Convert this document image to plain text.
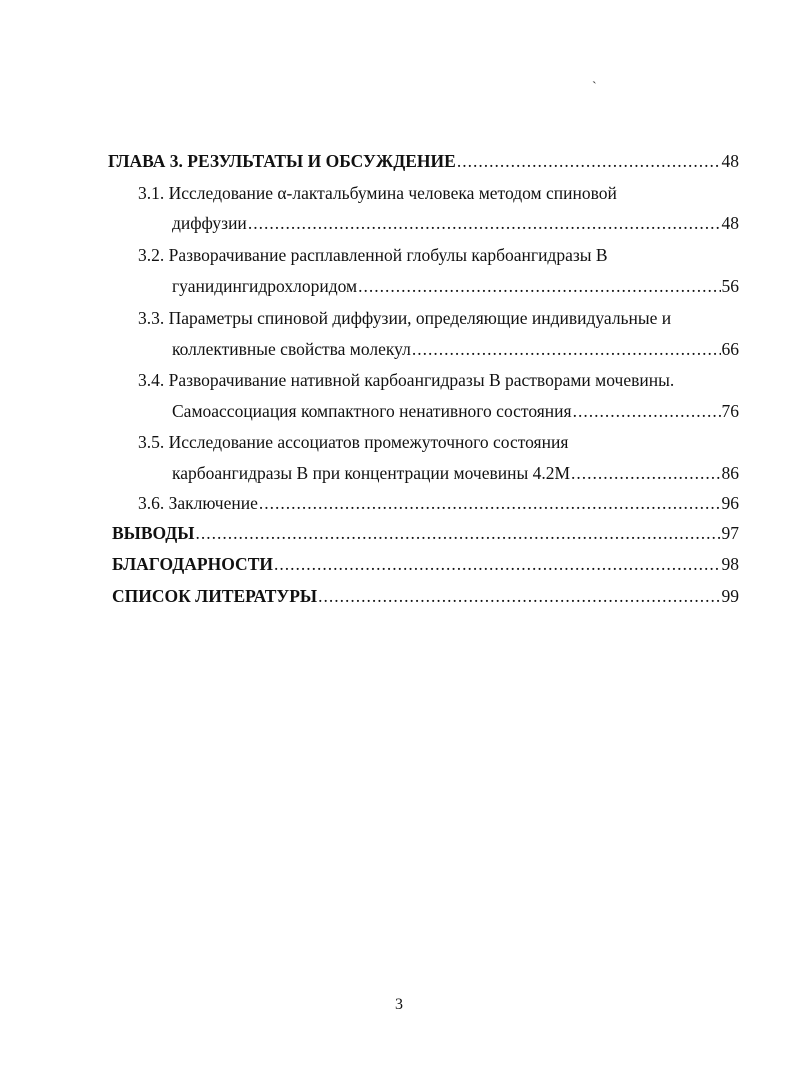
`
ГЛАВА 3. РЕЗУЛЬТАТЫ И ОБСУЖДЕНИЕ .....	48
3.1. Исследование α-лактальбумина человека методом спиновой
диффузии .....	48
3.2. Разворачивание расплавленной глобулы карбоангидразы В
гуанидингидрохлоридом .....	56
3.3. Параметры спиновой диффузии, определяющие индивидуальные и
коллективные свойства молекул .....	66
3.4. Разворачивание нативной карбоангидразы В растворами мочевины.
Самоассоциация компактного ненативного состояния .....	76
3.5. Исследование ассоциатов промежуточного состояния
карбоангидразы В при концентрации мочевины 4.2М .....	86
3.6. Заключение .....	96
ВЫВОДЫ .....	97
БЛАГОДАРНОСТИ .....	98
СПИСОК ЛИТЕРАТУРЫ .....	99
3
